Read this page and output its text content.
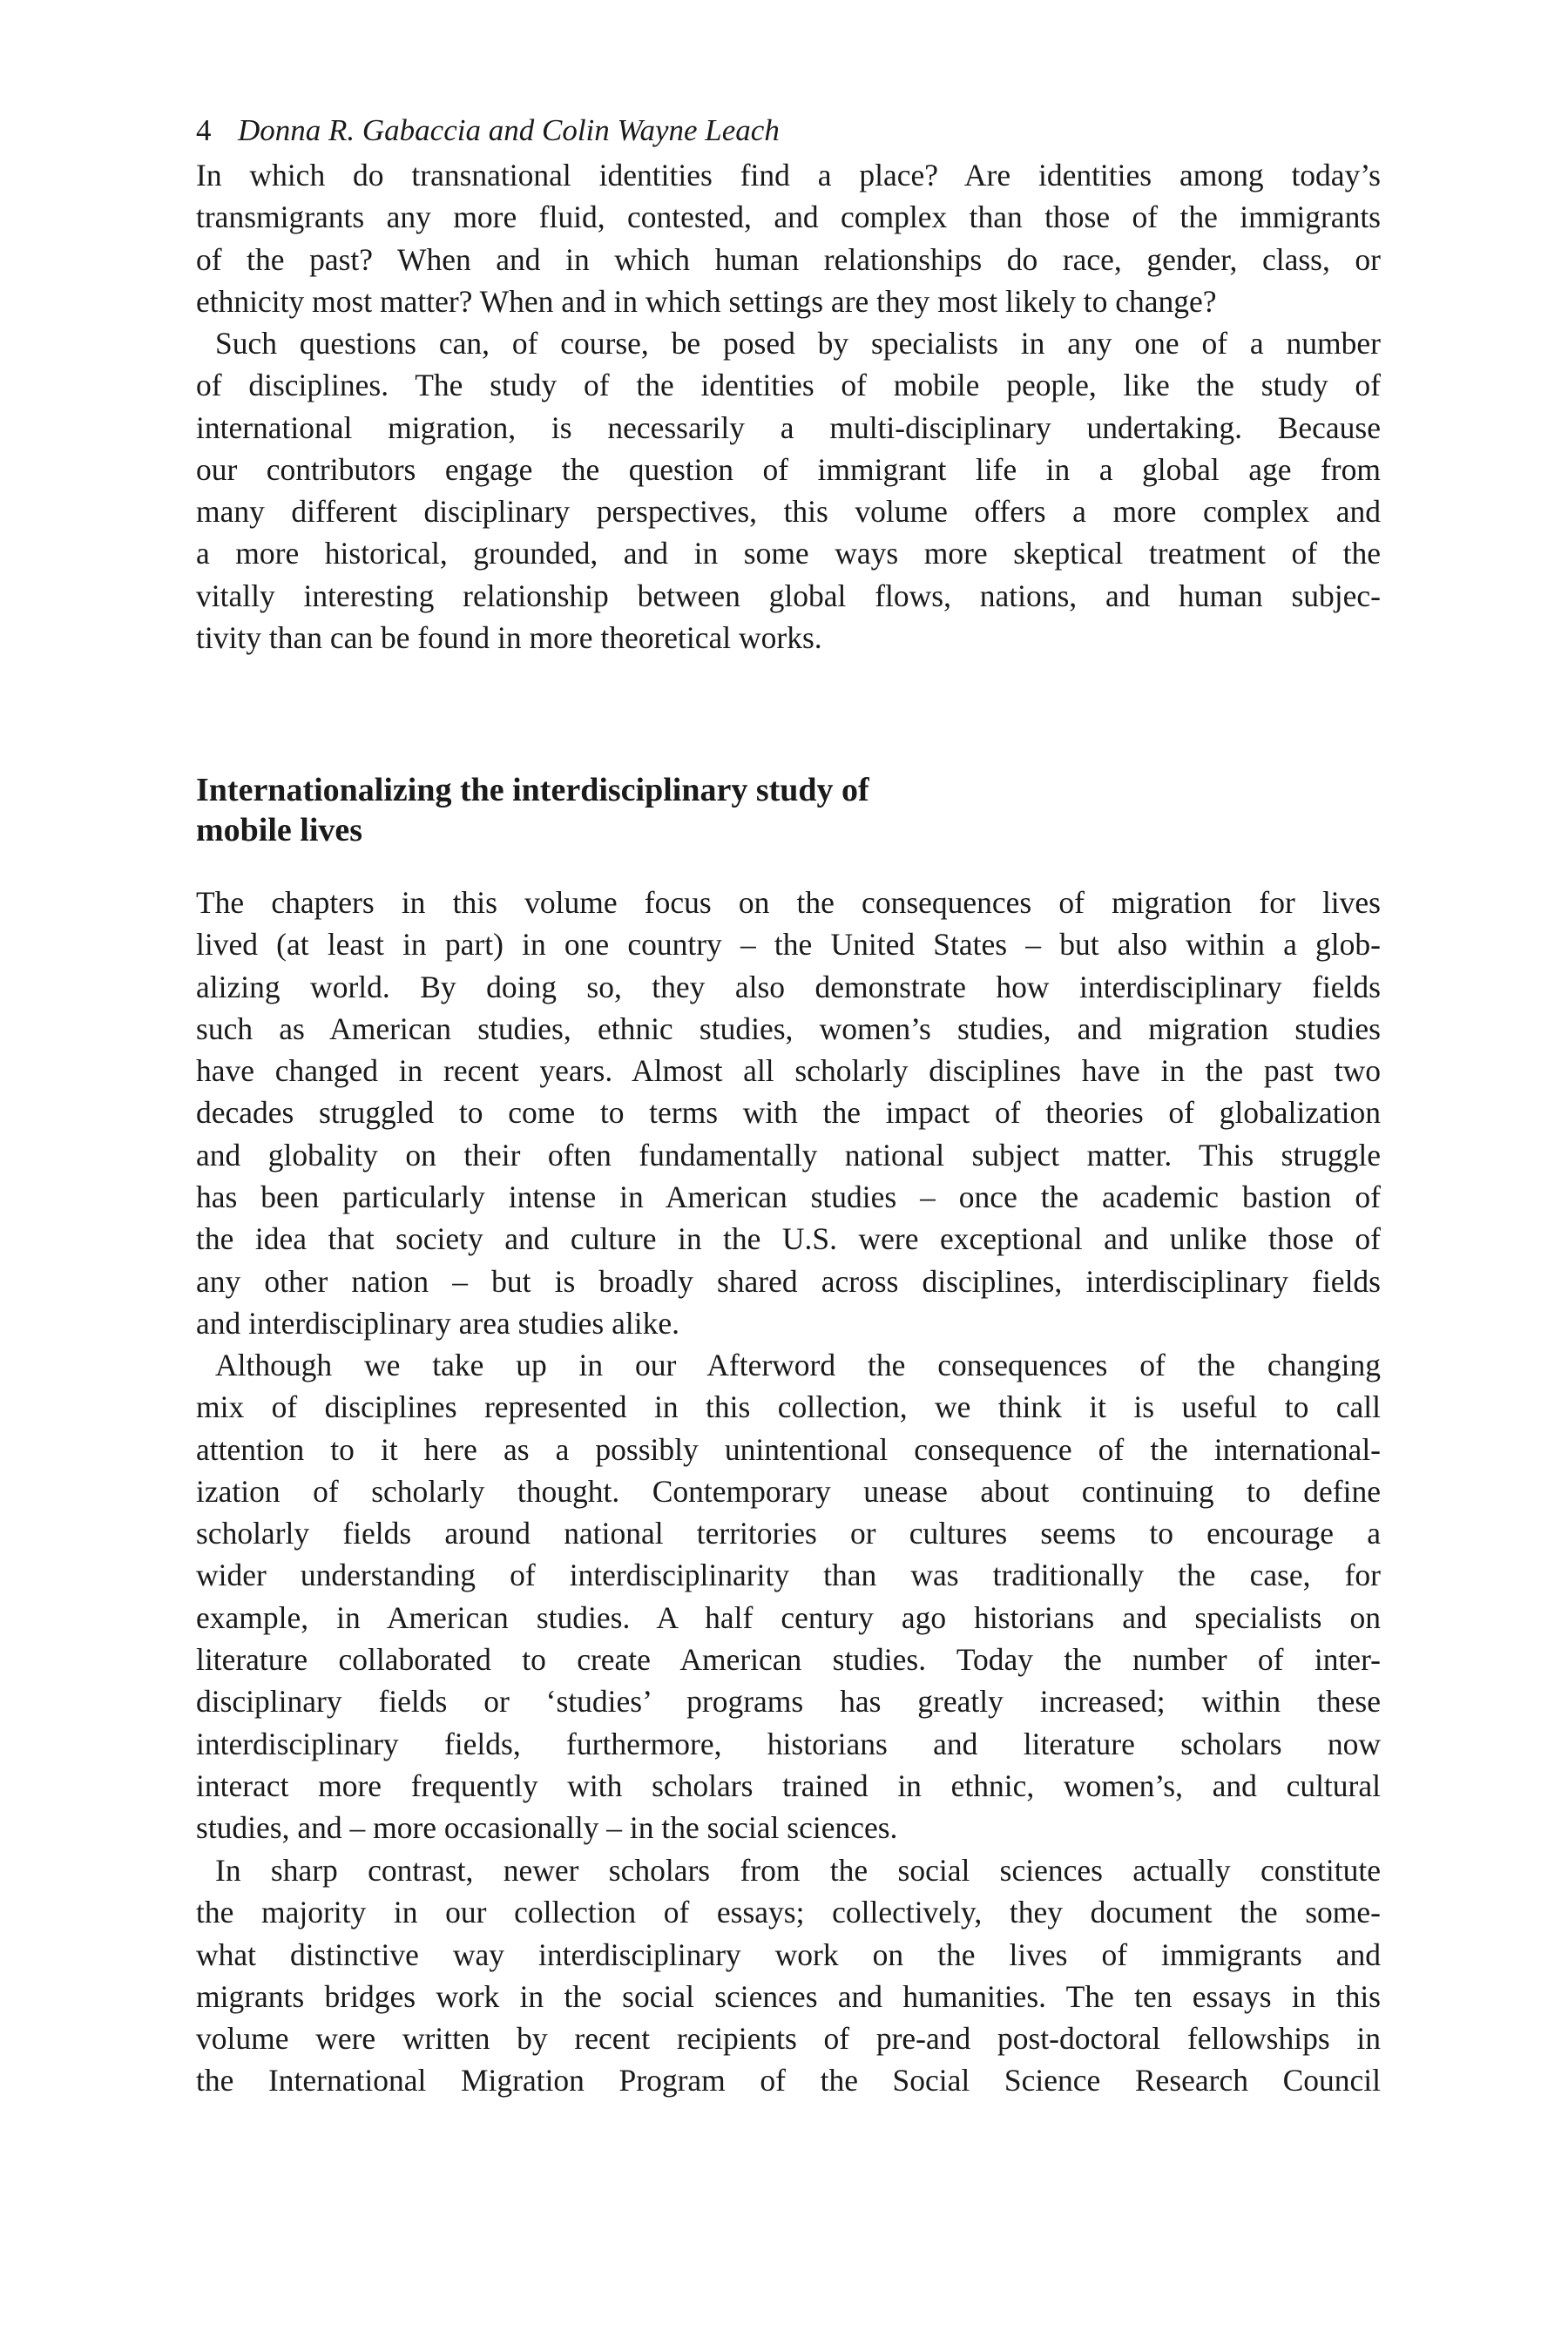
4 Donna R. Gabaccia and Colin Wayne Leach
In which do transnational identities find a place? Are identities among today’s
transmigrants any more fluid, contested, and complex than those of the immigrants
of the past? When and in which human relationships do race, gender, class, or
ethnicity most matter? When and in which settings are they most likely to change?
Such questions can, of course, be posed by specialists in any one of a number
of disciplines. The study of the identities of mobile people, like the study of
international migration, is necessarily a multi-disciplinary undertaking. Because
our contributors engage the question of immigrant life in a global age from
many different disciplinary perspectives, this volume offers a more complex and
a more historical, grounded, and in some ways more skeptical treatment of the
vitally interesting relationship between global flows, nations, and human subjec-
tivity than can be found in more theoretical works.
Internationalizing the interdisciplinary study of
mobile lives
The chapters in this volume focus on the consequences of migration for lives
lived (at least in part) in one country – the United States – but also within a glob-
alizing world. By doing so, they also demonstrate how interdisciplinary fields
such as American studies, ethnic studies, women’s studies, and migration studies
have changed in recent years. Almost all scholarly disciplines have in the past two
decades struggled to come to terms with the impact of theories of globalization
and globality on their often fundamentally national subject matter. This struggle
has been particularly intense in American studies – once the academic bastion of
the idea that society and culture in the U.S. were exceptional and unlike those of
any other nation – but is broadly shared across disciplines, interdisciplinary fields
and interdisciplinary area studies alike.
Although we take up in our Afterword the consequences of the changing
mix of disciplines represented in this collection, we think it is useful to call
attention to it here as a possibly unintentional consequence of the international-
ization of scholarly thought. Contemporary unease about continuing to define
scholarly fields around national territories or cultures seems to encourage a
wider understanding of interdisciplinarity than was traditionally the case, for
example, in American studies. A half century ago historians and specialists on
literature collaborated to create American studies. Today the number of inter-
disciplinary fields or ‘studies’ programs has greatly increased; within these
interdisciplinary fields, furthermore, historians and literature scholars now
interact more frequently with scholars trained in ethnic, women’s, and cultural
studies, and – more occasionally – in the social sciences.
In sharp contrast, newer scholars from the social sciences actually constitute
the majority in our collection of essays; collectively, they document the some-
what distinctive way interdisciplinary work on the lives of immigrants and
migrants bridges work in the social sciences and humanities. The ten essays in this
volume were written by recent recipients of pre-and post-doctoral fellowships in
the International Migration Program of the Social Science Research Council
